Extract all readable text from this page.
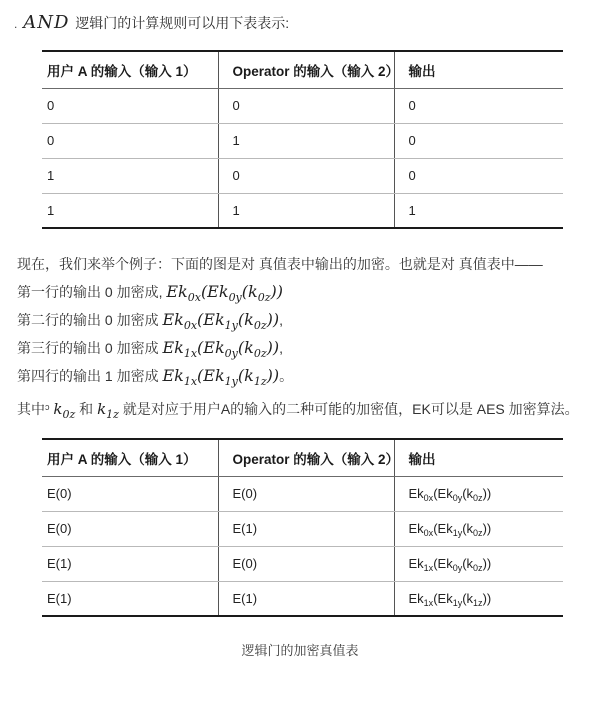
. AND 逻辑门的计算规则可以用下表表示:

用户 A 的输入（输入 1）	Operator 的输入（输入 2）	输出
0	0	0
0	1	0
1	0	0
1	1	1

现在，我们来举个例子：下面的图是对 真值表中输出的加密。也就是对 真值表中——

第一行的输出 0 加密成, $Ek_{0x}(Ek_{0y}(k_{0z}))$

第二行的输出 0 加密成 $Ek_{0x}(Ek_{1y}(k_{0z}))$,

第三行的输出 0 加密成 $Ek_{1x}(Ek_{0y}(k_{0z}))$,

第四行的输出 1 加密成 $Ek_{1x}(Ek_{1y}(k_{1z}))$。

其中$^ɔ$ $k_{0z}$ 和 $k_{1z}$ 就是对应于用户A的输入的二种可能的加密值，EK可以是 AES 加密算法。

用户 A 的输入（输入 1）	Operator 的输入（输入 2）	输出
E(0)	E(0)	$Ek_{0x}(Ek_{0y}(k_{0z}))$
E(0)	E(1)	$Ek_{0x}(Ek_{1y}(k_{0z}))$
E(1)	E(0)	$Ek_{1x}(Ek_{0y}(k_{0z}))$
E(1)	E(1)	$Ek_{1x}(Ek_{1y}(k_{1z}))$

逻辑门的加密真值表
